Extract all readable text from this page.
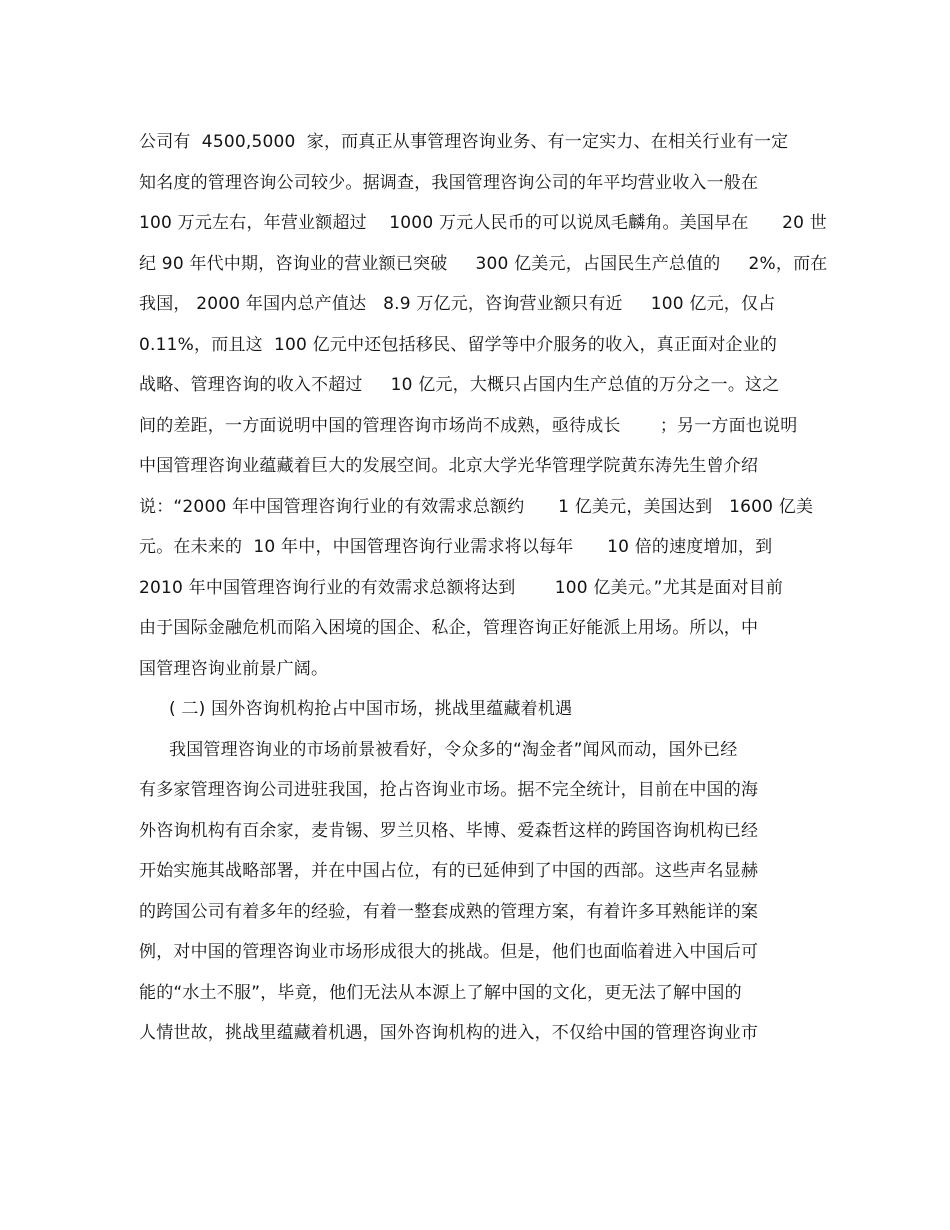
公司有  4500,5000  家，而真正从事管理咨询业务、有一定实力、在相关行业有一定
知名度的管理咨询公司较少。据调查，我国管理咨询公司的年平均营业收入一般在
100 万元左右，年营业额超过    1000 万元人民币的可以说凤毛麟角。美国早在      20 世
纪 90 年代中期，咨询业的营业额已突破     300 亿美元，占国民生产总值的     2%，而在
我国， 2000 年国内总产值达   8.9 万亿元，咨询营业额只有近     100 亿元，仅占
0.11%，而且这  100 亿元中还包括移民、留学等中介服务的收入，真正面对企业的
战略、管理咨询的收入不超过     10 亿元，大概只占国内生产总值的万分之一。这之
间的差距，一方面说明中国的管理咨询市场尚不成熟，亟待成长       ；另一方面也说明
中国管理咨询业蕴藏着巨大的发展空间。北京大学光华管理学院黄东涛先生曾介绍
说：“2000 年中国管理咨询行业的有效需求总额约      1 亿美元，美国达到   1600 亿美
元。在未来的  10 年中，中国管理咨询行业需求将以每年      10 倍的速度增加，到
2010 年中国管理咨询行业的有效需求总额将达到       100 亿美元。”尤其是面对目前
由于国际金融危机而陷入困境的国企、私企，管理咨询正好能派上用场。所以，中
国管理咨询业前景广阔。
( 二) 国外咨询机构抢占中国市场，挑战里蕴藏着机遇
我国管理咨询业的市场前景被看好，令众多的“淘金者”闻风而动，国外已经
有多家管理咨询公司进驻我国，抢占咨询业市场。据不完全统计，目前在中国的海
外咨询机构有百余家，麦肯锡、罗兰贝格、毕博、爱森哲这样的跨国咨询机构已经
开始实施其战略部署，并在中国占位，有的已延伸到了中国的西部。这些声名显赫
的跨国公司有着多年的经验，有着一整套成熟的管理方案，有着许多耳熟能详的案
例，对中国的管理咨询业市场形成很大的挑战。但是，他们也面临着进入中国后可
能的“水土不服”，毕竟，他们无法从本源上了解中国的文化，更无法了解中国的
人情世故，挑战里蕴藏着机遇，国外咨询机构的进入，不仅给中国的管理咨询业市
